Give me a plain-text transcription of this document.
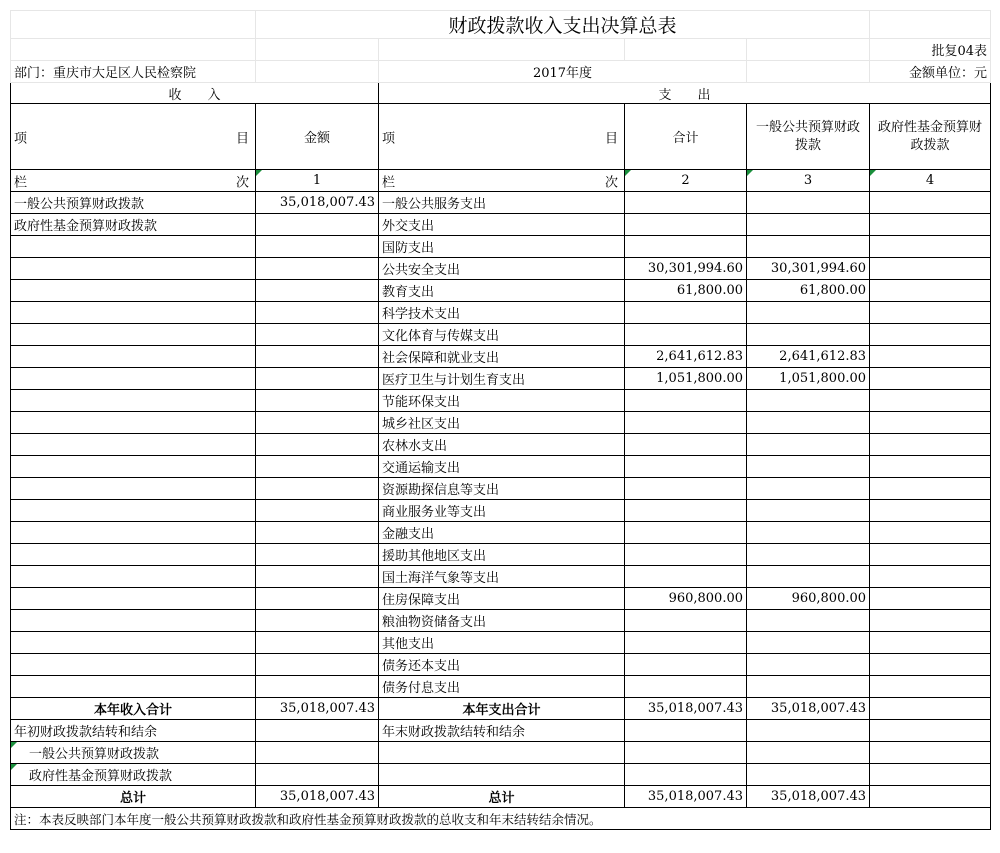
	财政拨款收入支出决算总表				
					批复04表
部门：重庆市大足区人民检察院		2017年度			金额单位：元
收　　入		支　　出			

项 目	金额	项 目	合计	一般公共预算财政拨款	政府性基金预算财政拨款

栏 次	1	栏 次	2	3	4
一般公共预算财政拨款	35,018,007.43	一般公共服务支出			
政府性基金预算财政拨款		外交支出			
		国防支出			
		公共安全支出	30,301,994.60	30,301,994.60	
		教育支出	61,800.00	61,800.00	
		科学技术支出			
		文化体育与传媒支出			
		社会保障和就业支出	2,641,612.83	2,641,612.83	
		医疗卫生与计划生育支出	1,051,800.00	1,051,800.00	
		节能环保支出			
		城乡社区支出			
		农林水支出			
		交通运输支出			
		资源勘探信息等支出			
		商业服务业等支出			
		金融支出			
		援助其他地区支出			
		国土海洋气象等支出			
		住房保障支出	960,800.00	960,800.00	
		粮油物资储备支出			
		其他支出			
		债务还本支出			
		债务付息支出			
本年收入合计	35,018,007.43	本年支出合计	35,018,007.43	35,018,007.43	
年初财政拨款结转和结余		年末财政拨款结转和结余			
一般公共预算财政拨款					
政府性基金预算财政拨款					
总计	35,018,007.43	总计	35,018,007.43	35,018,007.43	
注：本表反映部门本年度一般公共预算财政拨款和政府性基金预算财政拨款的总收支和年末结转结余情况。					
